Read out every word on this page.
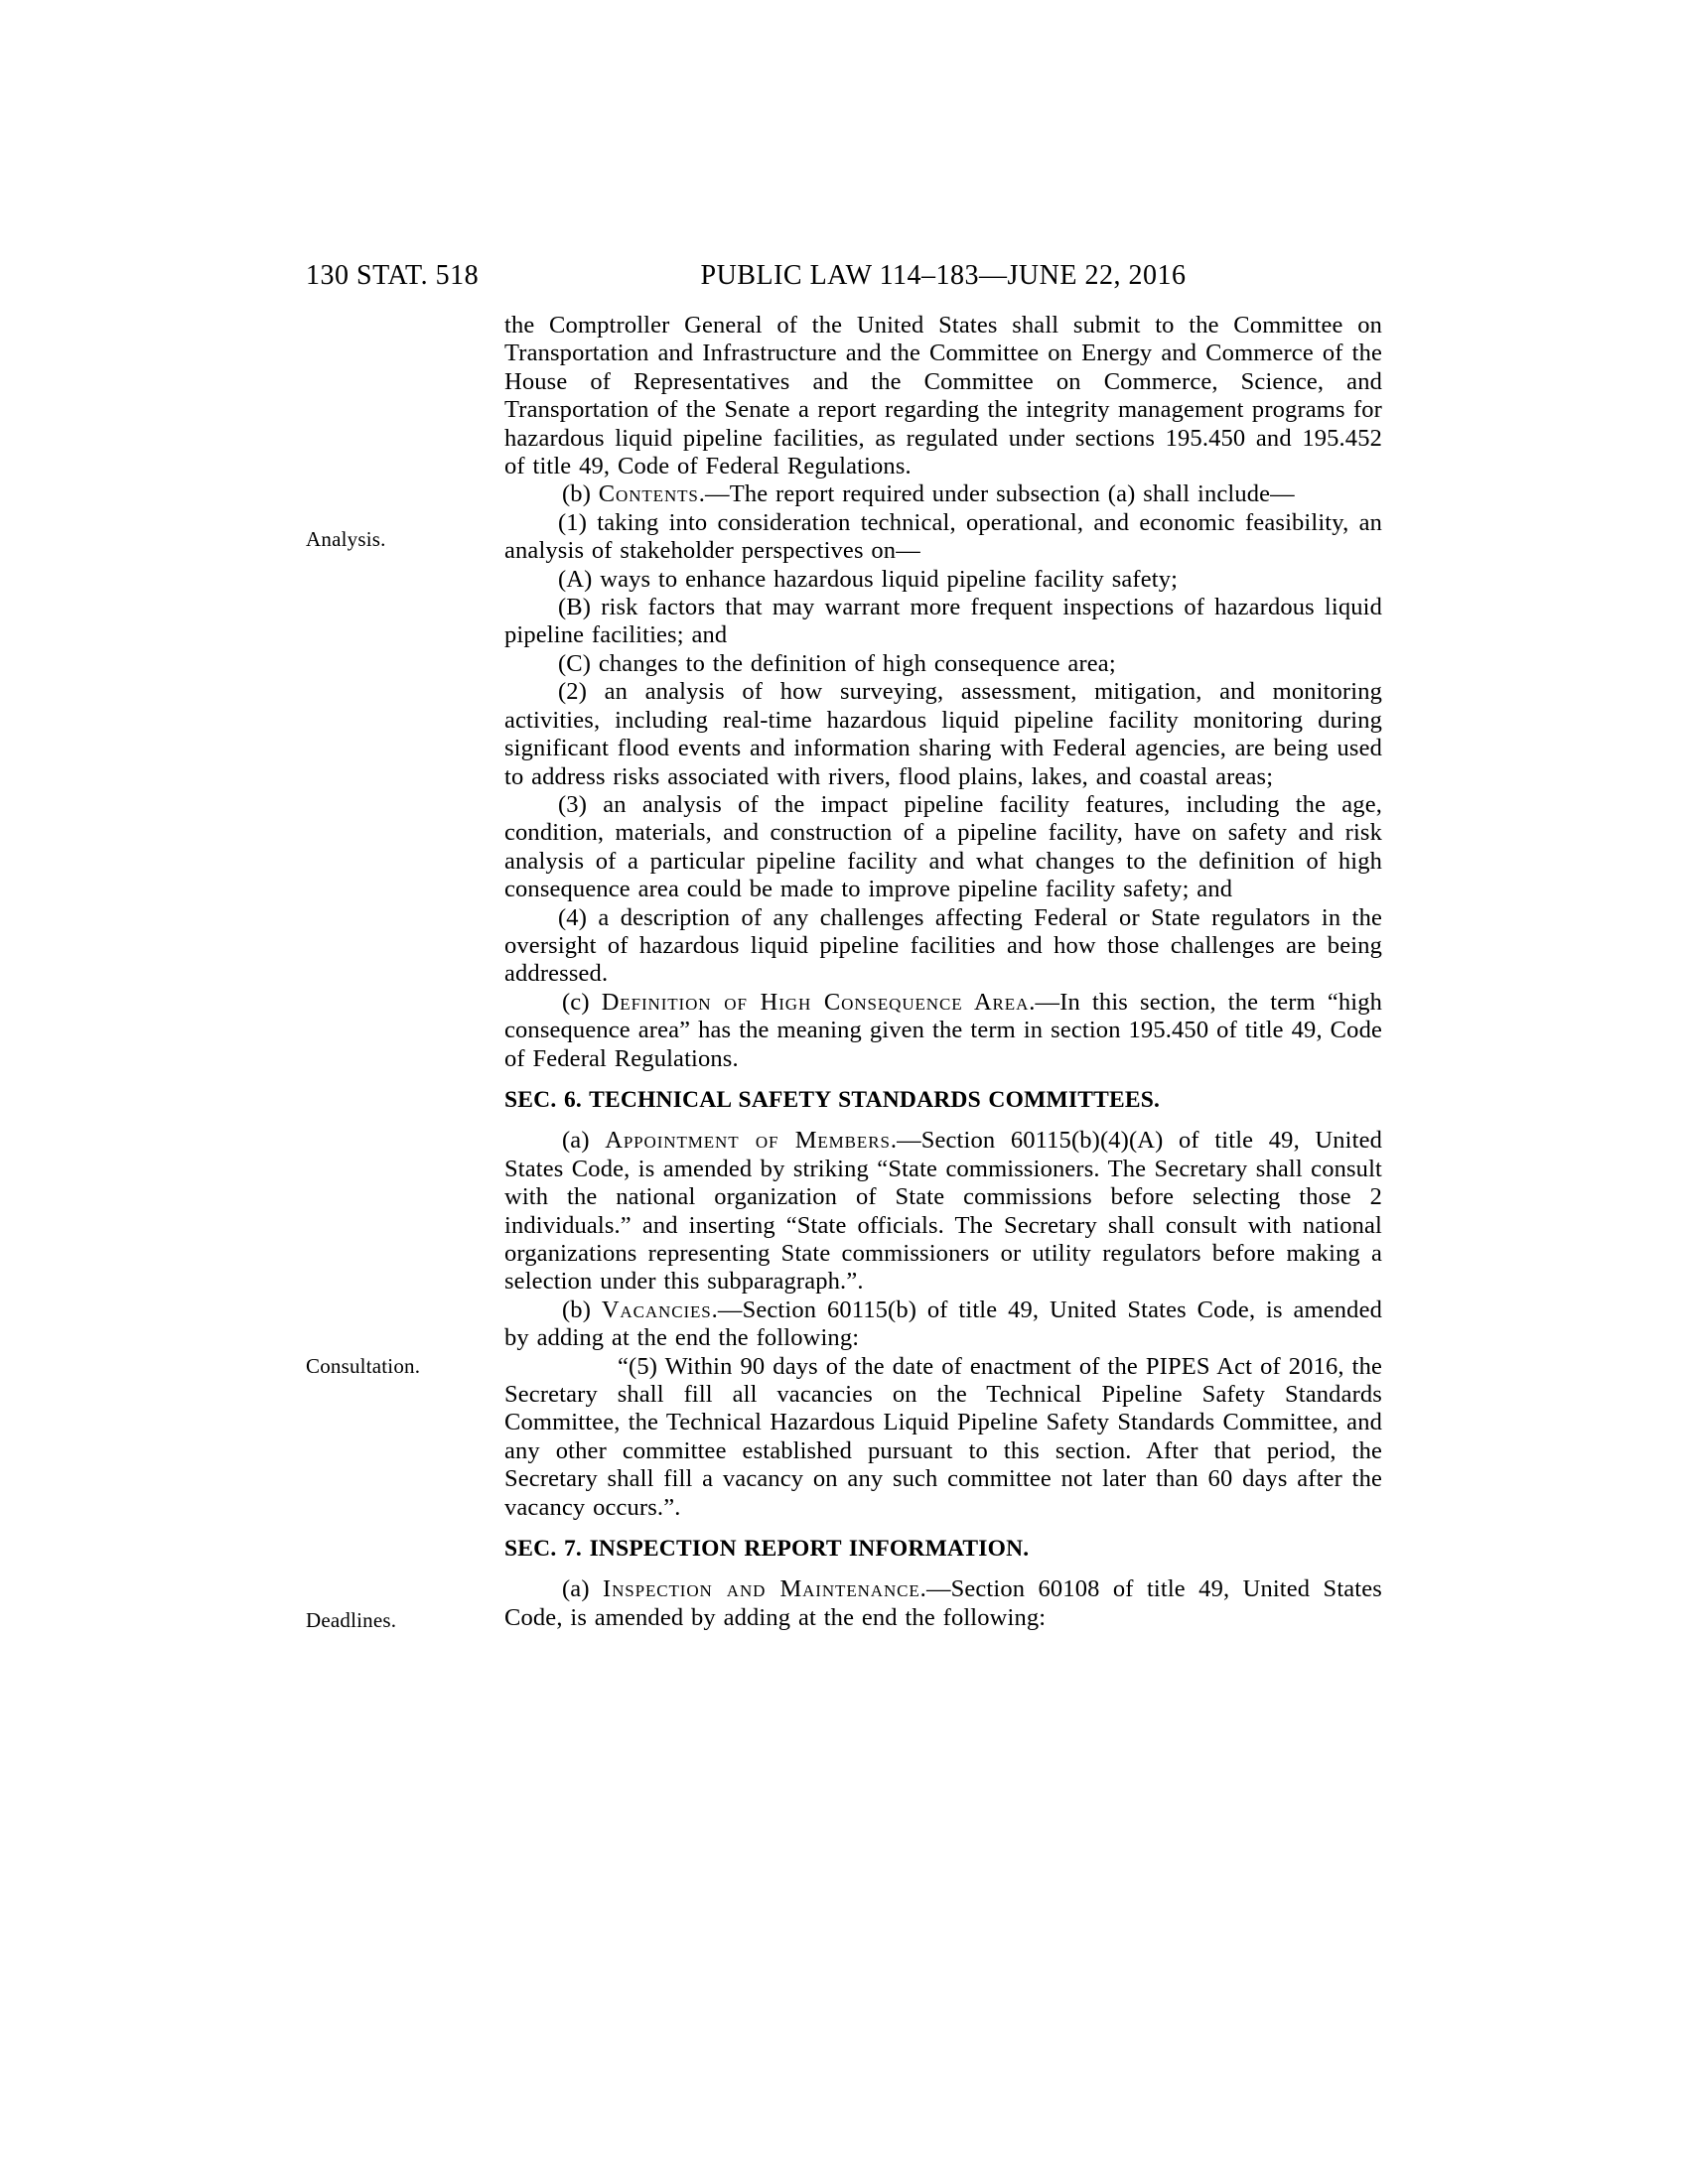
130 STAT. 518	PUBLIC LAW 114–183—JUNE 22, 2016
Analysis.
Consultation.
Deadlines.

the Comptroller General of the United States shall submit to the Committee on Transportation and Infrastructure and the Committee on Energy and Commerce of the House of Representatives and the Committee on Commerce, Science, and Transportation of the Senate a report regarding the integrity management programs for hazardous liquid pipeline facilities, as regulated under sections 195.450 and 195.452 of title 49, Code of Federal Regulations.

(b) Contents.—The report required under subsection (a) shall include—

(1) taking into consideration technical, operational, and economic feasibility, an analysis of stakeholder perspectives on—

(A) ways to enhance hazardous liquid pipeline facility safety;

(B) risk factors that may warrant more frequent inspections of hazardous liquid pipeline facilities; and

(C) changes to the definition of high consequence area;

(2) an analysis of how surveying, assessment, mitigation, and monitoring activities, including real-time hazardous liquid pipeline facility monitoring during significant flood events and information sharing with Federal agencies, are being used to address risks associated with rivers, flood plains, lakes, and coastal areas;

(3) an analysis of the impact pipeline facility features, including the age, condition, materials, and construction of a pipeline facility, have on safety and risk analysis of a particular pipeline facility and what changes to the definition of high consequence area could be made to improve pipeline facility safety; and

(4) a description of any challenges affecting Federal or State regulators in the oversight of hazardous liquid pipeline facilities and how those challenges are being addressed.

(c) Definition of High Consequence Area.—In this section, the term “high consequence area” has the meaning given the term in section 195.450 of title 49, Code of Federal Regulations.

SEC. 6. TECHNICAL SAFETY STANDARDS COMMITTEES.

(a) Appointment of Members.—Section 60115(b)(4)(A) of title 49, United States Code, is amended by striking “State commissioners. The Secretary shall consult with the national organization of State commissions before selecting those 2 individuals.” and inserting “State officials. The Secretary shall consult with national organizations representing State commissioners or utility regulators before making a selection under this subparagraph.”.

(b) Vacancies.—Section 60115(b) of title 49, United States Code, is amended by adding at the end the following:

“(5) Within 90 days of the date of enactment of the PIPES Act of 2016, the Secretary shall fill all vacancies on the Technical Pipeline Safety Standards Committee, the Technical Hazardous Liquid Pipeline Safety Standards Committee, and any other committee established pursuant to this section. After that period, the Secretary shall fill a vacancy on any such committee not later than 60 days after the vacancy occurs.”.

SEC. 7. INSPECTION REPORT INFORMATION.

(a) Inspection and Maintenance.—Section 60108 of title 49, United States Code, is amended by adding at the end the following:
